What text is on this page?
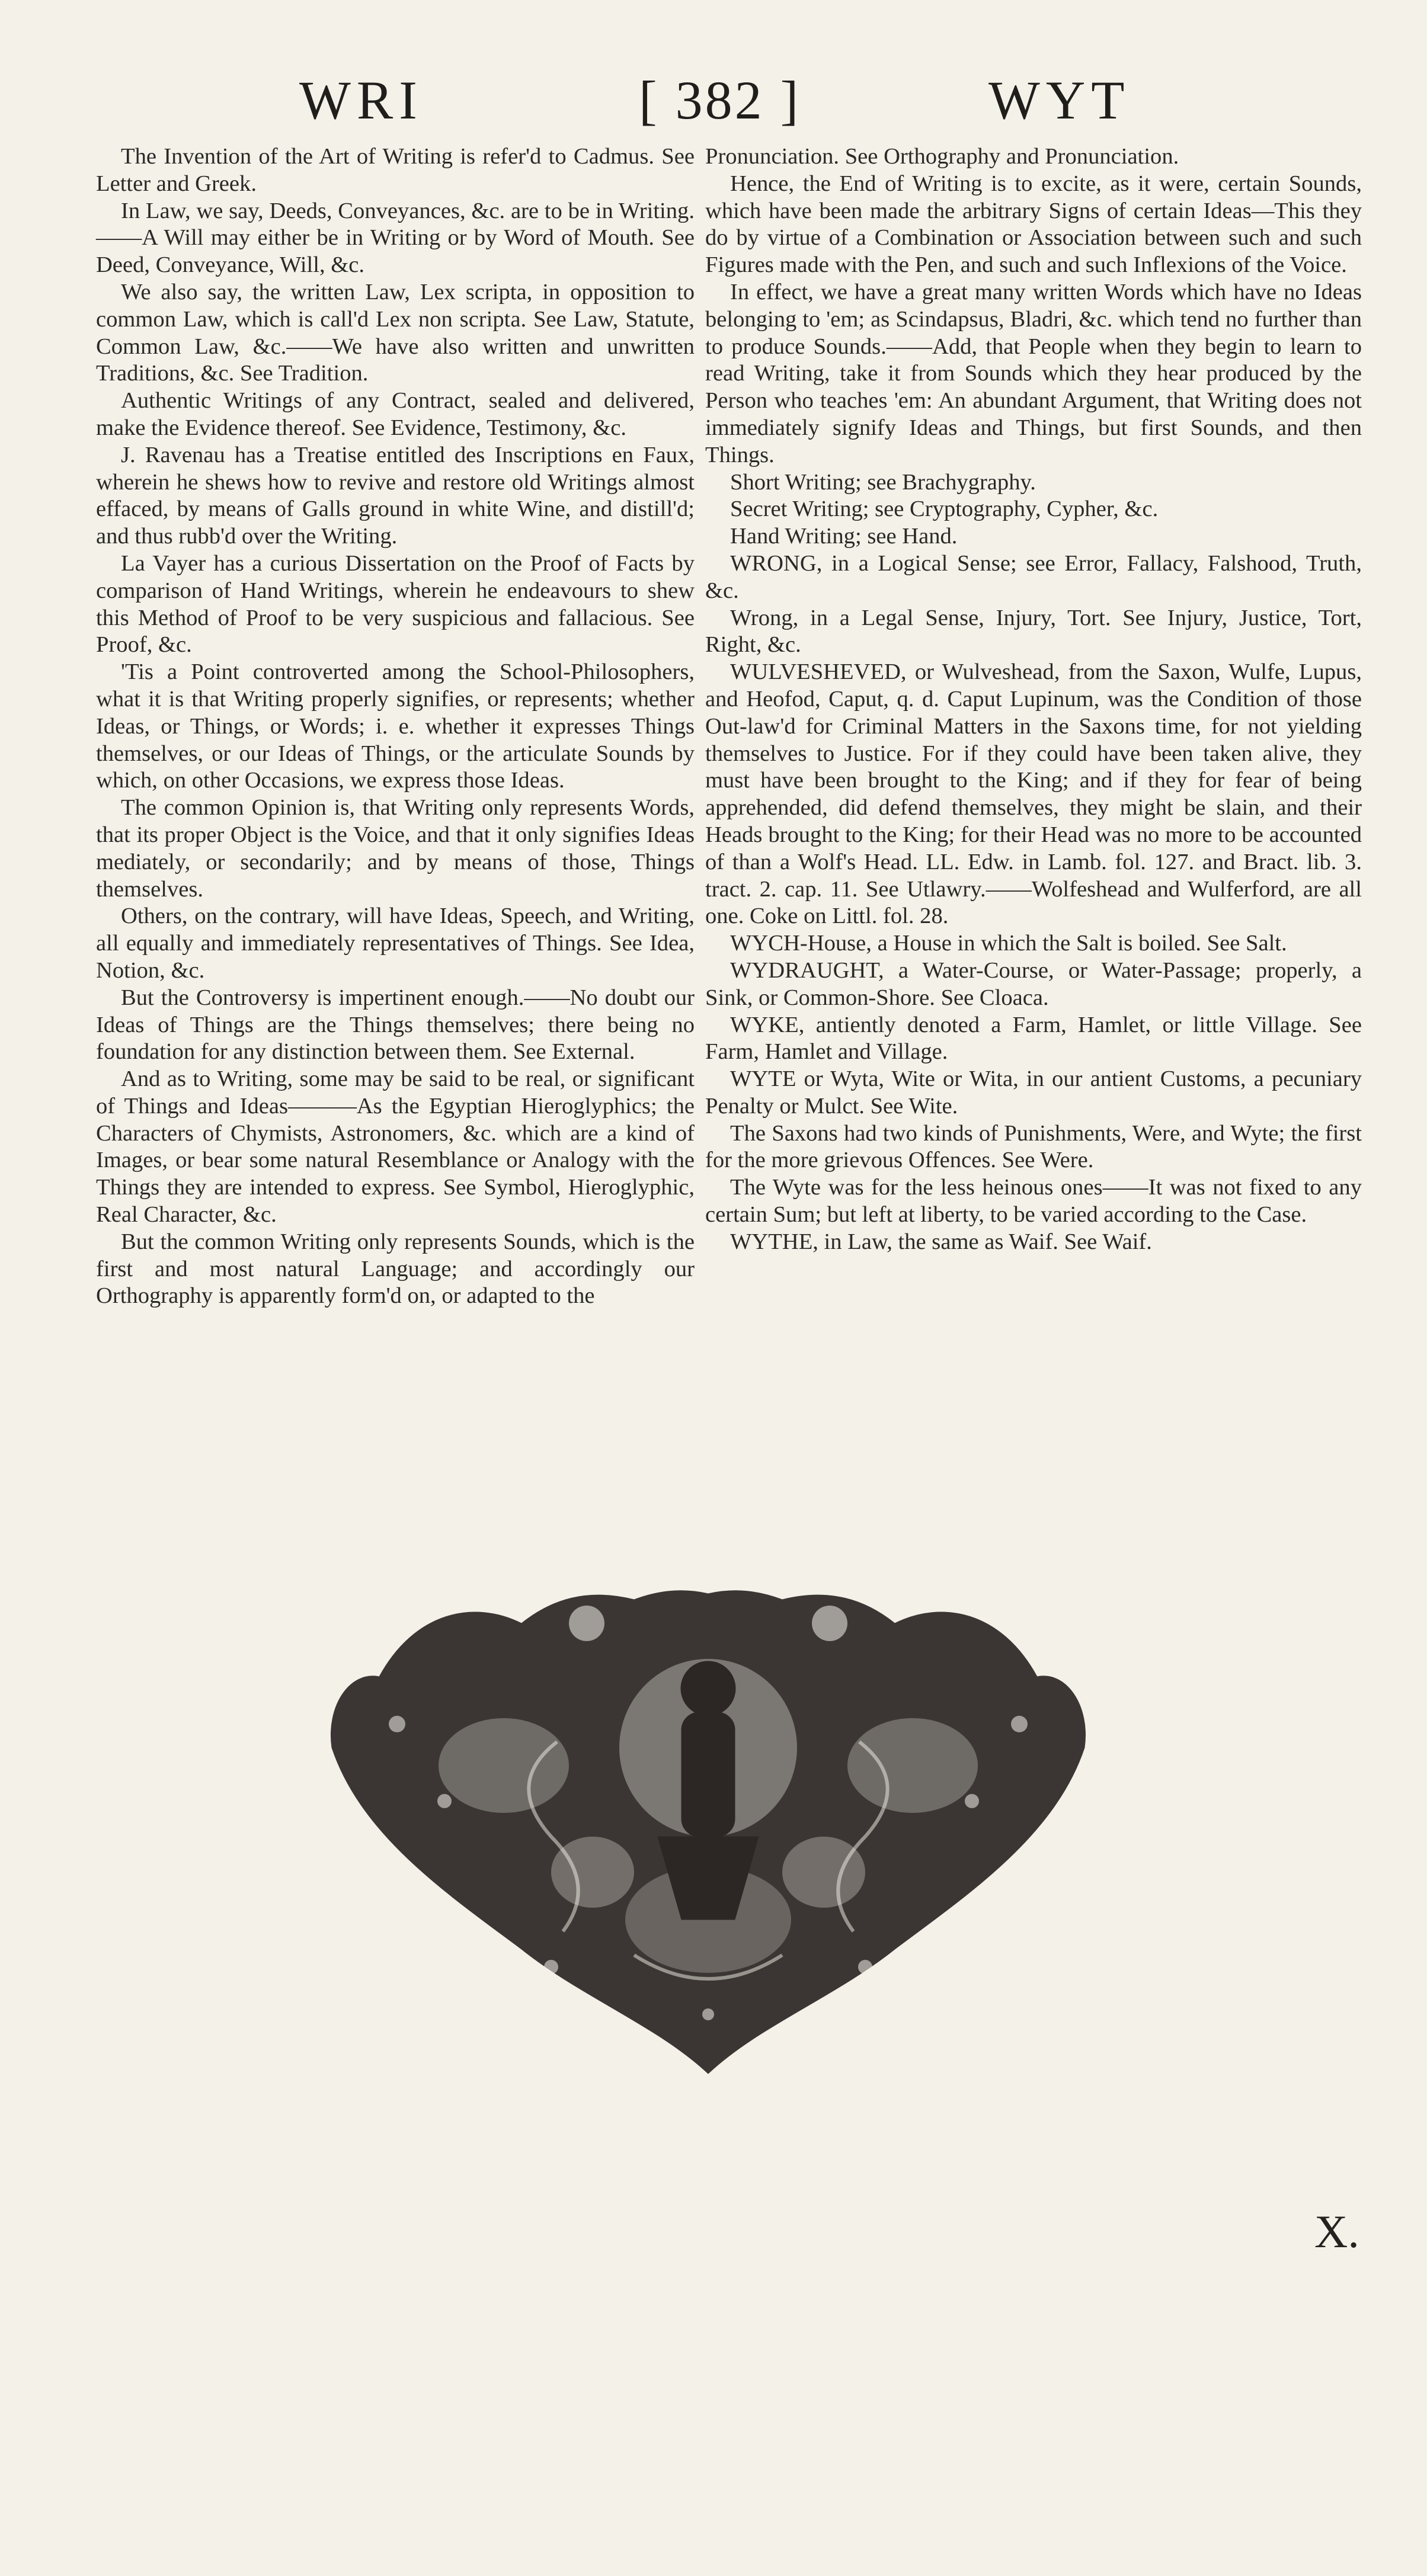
WRI	[ 382 ]	WYT

The Invention of the Art of Writing is refer'd to Cadmus. See Letter and Greek.

In Law, we say, Deeds, Conveyances, &c. are to be in Writing.——A Will may either be in Writing or by Word of Mouth. See Deed, Conveyance, Will, &c.

We also say, the written Law, Lex scripta, in opposition to common Law, which is call'd Lex non scripta. See Law, Statute, Common Law, &c.——We have also written and unwritten Traditions, &c. See Tradition.

Authentic Writings of any Contract, sealed and delivered, make the Evidence thereof. See Evidence, Testimony, &c.

J. Ravenau has a Treatise entitled des Inscriptions en Faux, wherein he shews how to revive and restore old Writings almost effaced, by means of Galls ground in white Wine, and distill'd; and thus rubb'd over the Writing.

La Vayer has a curious Dissertation on the Proof of Facts by comparison of Hand Writings, wherein he endeavours to shew this Method of Proof to be very suspicious and fallacious. See Proof, &c.

'Tis a Point controverted among the School-Philosophers, what it is that Writing properly signifies, or represents; whether Ideas, or Things, or Words; i. e. whether it expresses Things themselves, or our Ideas of Things, or the articulate Sounds by which, on other Occasions, we express those Ideas.

The common Opinion is, that Writing only represents Words, that its proper Object is the Voice, and that it only signifies Ideas mediately, or secondarily; and by means of those, Things themselves.

Others, on the contrary, will have Ideas, Speech, and Writing, all equally and immediately representatives of Things. See Idea, Notion, &c.

But the Controversy is impertinent enough.——No doubt our Ideas of Things are the Things themselves; there being no foundation for any distinction between them. See External.

And as to Writing, some may be said to be real, or significant of Things and Ideas———As the Egyptian Hieroglyphics; the Characters of Chymists, Astronomers, &c. which are a kind of Images, or bear some natural Resemblance or Analogy with the Things they are intended to express. See Symbol, Hieroglyphic, Real Character, &c.

But the common Writing only represents Sounds, which is the first and most natural Language; and accordingly our Orthography is apparently form'd on, or adapted to the

Pronunciation. See Orthography and Pronunciation.

Hence, the End of Writing is to excite, as it were, certain Sounds, which have been made the arbitrary Signs of certain Ideas—This they do by virtue of a Combination or Association between such and such Figures made with the Pen, and such and such Inflexions of the Voice.

In effect, we have a great many written Words which have no Ideas belonging to 'em; as Scindapsus, Bladri, &c. which tend no further than to produce Sounds.——Add, that People when they begin to learn to read Writing, take it from Sounds which they hear produced by the Person who teaches 'em: An abundant Argument, that Writing does not immediately signify Ideas and Things, but first Sounds, and then Things.

Short Writing; see Brachygraphy.

Secret Writing; see Cryptography, Cypher, &c.

Hand Writing; see Hand.

WRONG, in a Logical Sense; see Error, Fallacy, Falshood, Truth, &c.

Wrong, in a Legal Sense, Injury, Tort. See Injury, Justice, Tort, Right, &c.

WULVESHEVED, or Wulveshead, from the Saxon, Wulfe, Lupus, and Heofod, Caput, q. d. Caput Lupinum, was the Condition of those Out-law'd for Criminal Matters in the Saxons time, for not yielding themselves to Justice. For if they could have been taken alive, they must have been brought to the King; and if they for fear of being apprehended, did defend themselves, they might be slain, and their Heads brought to the King; for their Head was no more to be accounted of than a Wolf's Head. LL. Edw. in Lamb. fol. 127. and Bract. lib. 3. tract. 2. cap. 11. See Utlawry.——Wolfeshead and Wulferford, are all one. Coke on Littl. fol. 28.

WYCH-House, a House in which the Salt is boiled. See Salt.

WYDRAUGHT, a Water-Course, or Water-Passage; properly, a Sink, or Common-Shore. See Cloaca.

WYKE, antiently denoted a Farm, Hamlet, or little Village. See Farm, Hamlet and Village.

WYTE or Wyta, Wite or Wita, in our antient Customs, a pecuniary Penalty or Mulct. See Wite.

The Saxons had two kinds of Punishments, Were, and Wyte; the first for the more grievous Offences. See Were.

The Wyte was for the less heinous ones——It was not fixed to any certain Sum; but left at liberty, to be varied according to the Case.

WYTHE, in Law, the same as Waif. See Waif.

X.
